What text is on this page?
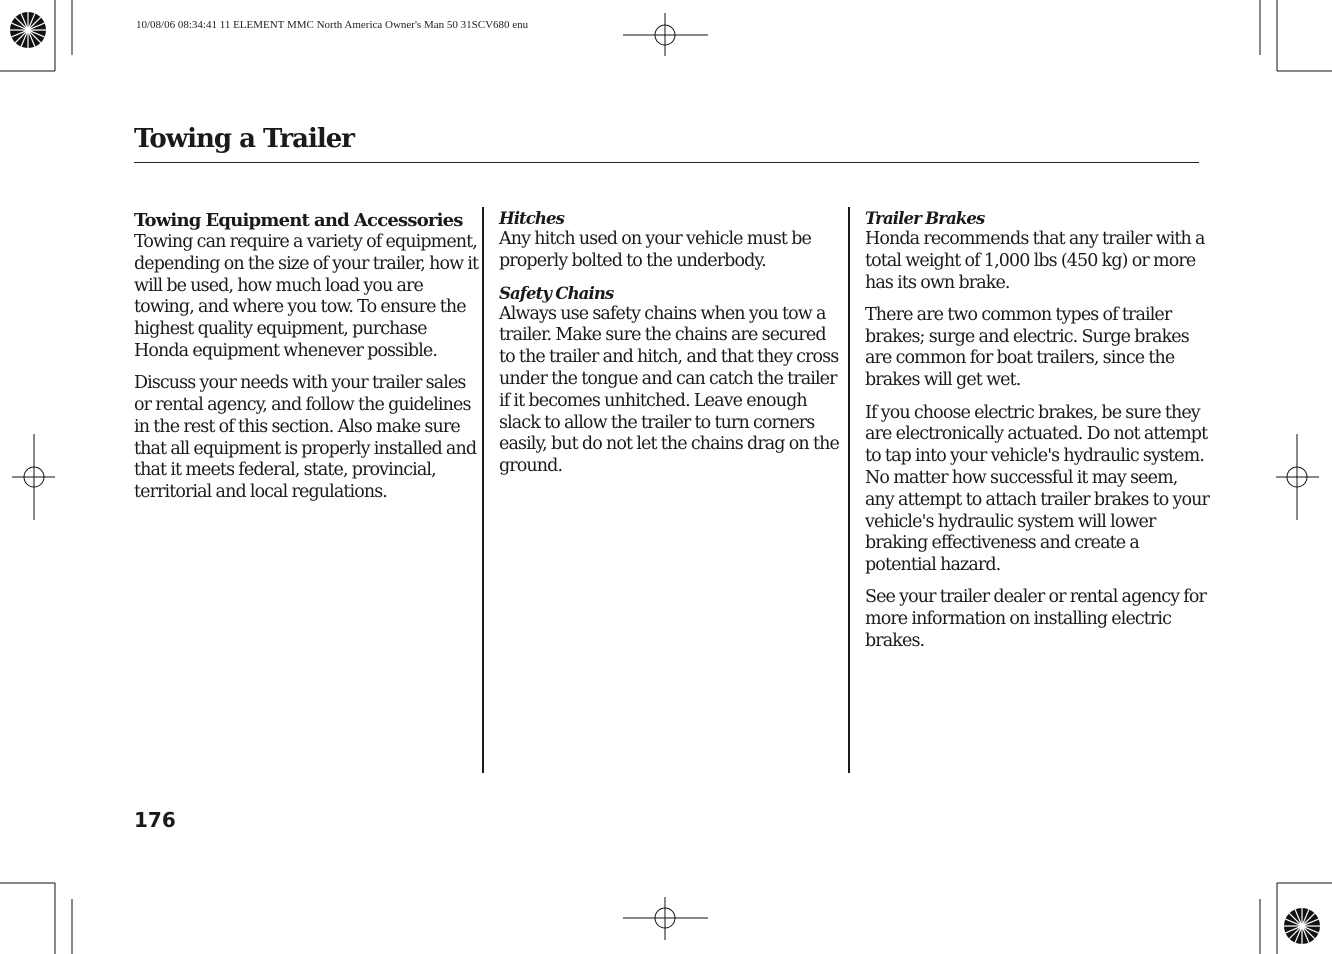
10/08/06 08:34:41 11 ELEMENT MMC North America Owner's Man 50 31SCV680 enu
Towing a Trailer
Towing Equipment and Accessories

Towing can require a variety of equipment, depending on the size of your trailer, how it will be used, how much load you are towing, and where you tow. To ensure the highest quality equipment, purchase Honda equipment whenever possible.

Discuss your needs with your trailer sales or rental agency, and follow the guidelines in the rest of this section. Also make sure that all equipment is properly installed and that it meets federal, state, provincial, territorial and local regulations.

Hitches

Any hitch used on your vehicle must be properly bolted to the underbody.

Safety Chains

Always use safety chains when you tow a trailer. Make sure the chains are secured to the trailer and hitch, and that they cross under the tongue and can catch the trailer if it becomes unhitched. Leave enough slack to allow the trailer to turn corners easily, but do not let the chains drag on the ground.

Trailer Brakes

Honda recommends that any trailer with a total weight of 1,000 lbs (450 kg) or more has its own brake.

There are two common types of trailer brakes; surge and electric. Surge brakes are common for boat trailers, since the brakes will get wet.

If you choose electric brakes, be sure they are electronically actuated. Do not attempt to tap into your vehicle's hydraulic system. No matter how successful it may seem, any attempt to attach trailer brakes to your vehicle's hydraulic system will lower braking effectiveness and create a potential hazard.

See your trailer dealer or rental agency for more information on installing electric brakes.

176
